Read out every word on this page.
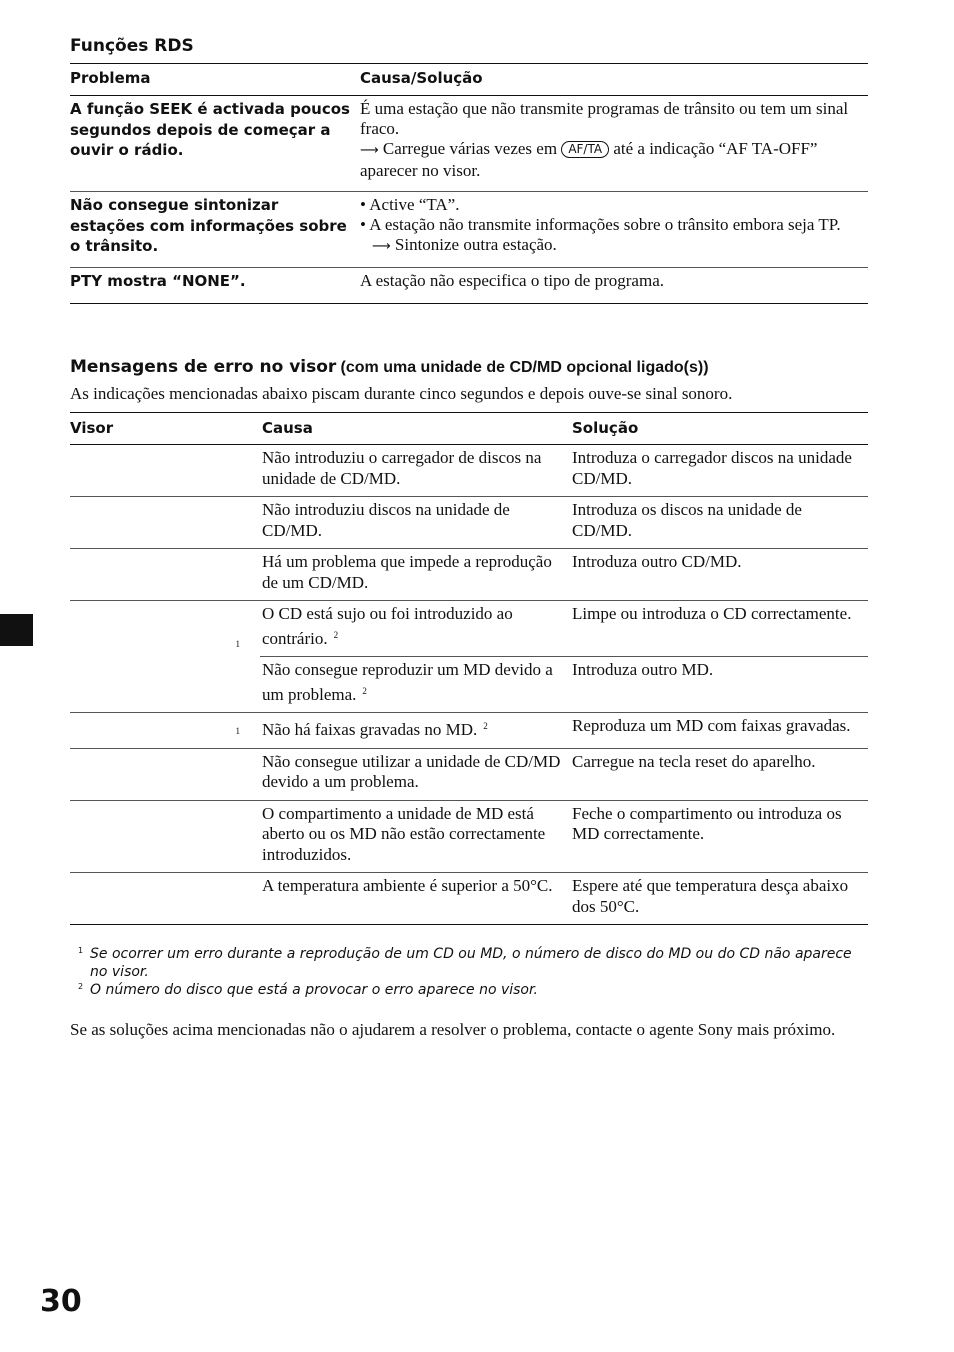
Funções RDS
Problema	Causa/Solução
A função SEEK é activada poucos segundos depois de começar a ouvir o rádio.	É uma estação que não transmite programas de trânsito ou tem um sinal fraco.
⟶ Carregue várias vezes em AF/TA até a indicação “AF TA-OFF” aparecer no visor.

Não consegue sintonizar estações com informações sobre o trânsito.	• Active “TA”.
• A estação não transmite informações sobre o trânsito embora seja TP.
⟶ Sintonize outra estação.

PTY mostra “NONE”.	A estação não especifica o tipo de programa.
Mensagens de erro no visor (com uma unidade de CD/MD opcional ligado(s))
As indicações mencionadas abaixo piscam durante cinco segundos e depois ouve-se sinal sonoro.
Visor	Causa	Solução
	Não introduziu o carregador de discos na unidade de CD/MD.	Introduza o carregador discos na unidade CD/MD.
	Não introduziu discos na unidade de CD/MD.	Introduza os discos na unidade de CD/MD.
	Há um problema que impede a reprodução de um CD/MD.	Introduza outro CD/MD.

1	O CD está sujo ou foi introduzido ao contrário. $^2$	Limpe ou introduza o CD correctamente.
	Não consegue reproduzir um MD devido a um problema. $^2$	Introduza outro MD.

1	Não há faixas gravadas no MD. $^2$	Reproduza um MD com faixas gravadas.
	Não consegue utilizar a unidade de CD/MD devido a um problema.	Carregue na tecla reset do aparelho.
	O compartimento a unidade de MD está aberto ou os MD não estão correctamente introduzidos.	Feche o compartimento ou introduza os MD correctamente.
	A temperatura ambiente é superior a 50°C.	Espere até que temperatura desça abaixo dos 50°C.
1 Se ocorrer um erro durante a reprodução de um CD ou MD, o número de disco do MD ou do CD não aparece no visor.
2 O número do disco que está a provocar o erro aparece no visor.
Se as soluções acima mencionadas não o ajudarem a resolver o problema, contacte o agente Sony mais próximo.
30
